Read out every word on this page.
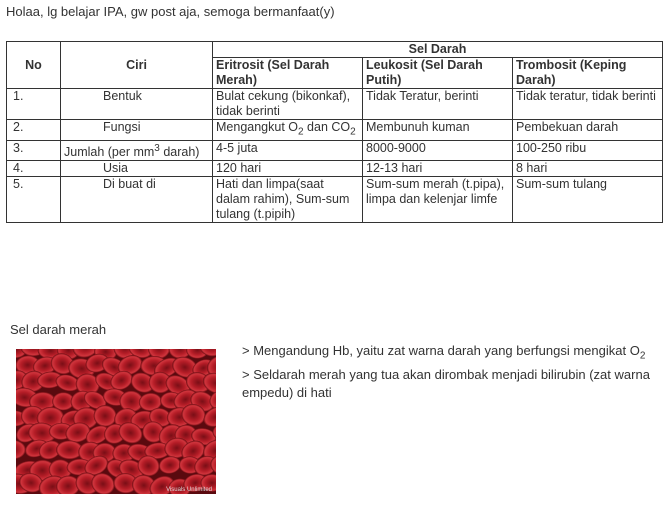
Holaa, lg belajar IPA, gw post aja, semoga bermanfaat(y)
No	Ciri	Sel Darah		
		Eritrosit (Sel Darah Merah)	Leukosit (Sel Darah Putih)	Trombosit (Keping Darah)
1.	Bentuk	Bulat cekung (bikonkaf), tidak berinti	Tidak Teratur, berinti	Tidak teratur, tidak berinti
2.	Fungsi	Mengangkut $O_2$ dan $CO_2$	Membunuh kuman	Pembekuan darah
3.	Jumlah (per $mm^3$ darah)	4-5 juta	8000-9000	100-250 ribu
4.	Usia	120 hari	12-13 hari	8 hari
5.	Di buat di	Hati dan limpa(saat dalam rahim), Sum-sum tulang (t.pipih)	Sum-sum merah (t.pipa), limpa dan kelenjar limfe	Sum-sum tulang
Sel darah merah
Visuals Unlimited

> Mengandung Hb, yaitu zat warna darah yang berfungsi mengikat $O_2$

> Seldarah merah yang tua akan dirombak menjadi bilirubin (zat warna empedu) di hati
